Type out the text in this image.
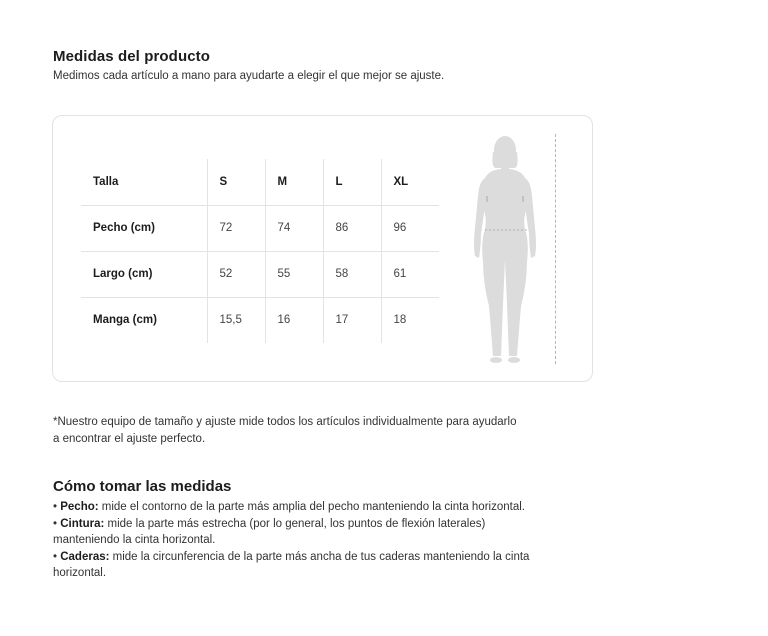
Medidas del producto
Medimos cada artículo a mano para ayudarte a elegir el que mejor se ajuste.
Talla	S	M	L	XL
Pecho (cm)	72	74	86	96
Largo (cm)	52	55	58	61
Manga (cm)	15,5	16	17	18
*Nuestro equipo de tamaño y ajuste mide todos los artículos individualmente para ayudarlo a encontrar el ajuste perfecto.
Cómo tomar las medidas

• Pecho: mide el contorno de la parte más amplia del pecho manteniendo la cinta horizontal.

• Cintura: mide la parte más estrecha (por lo general, los puntos de flexión laterales) manteniendo la cinta horizontal.

• Caderas: mide la circunferencia de la parte más ancha de tus caderas manteniendo la cinta horizontal.
